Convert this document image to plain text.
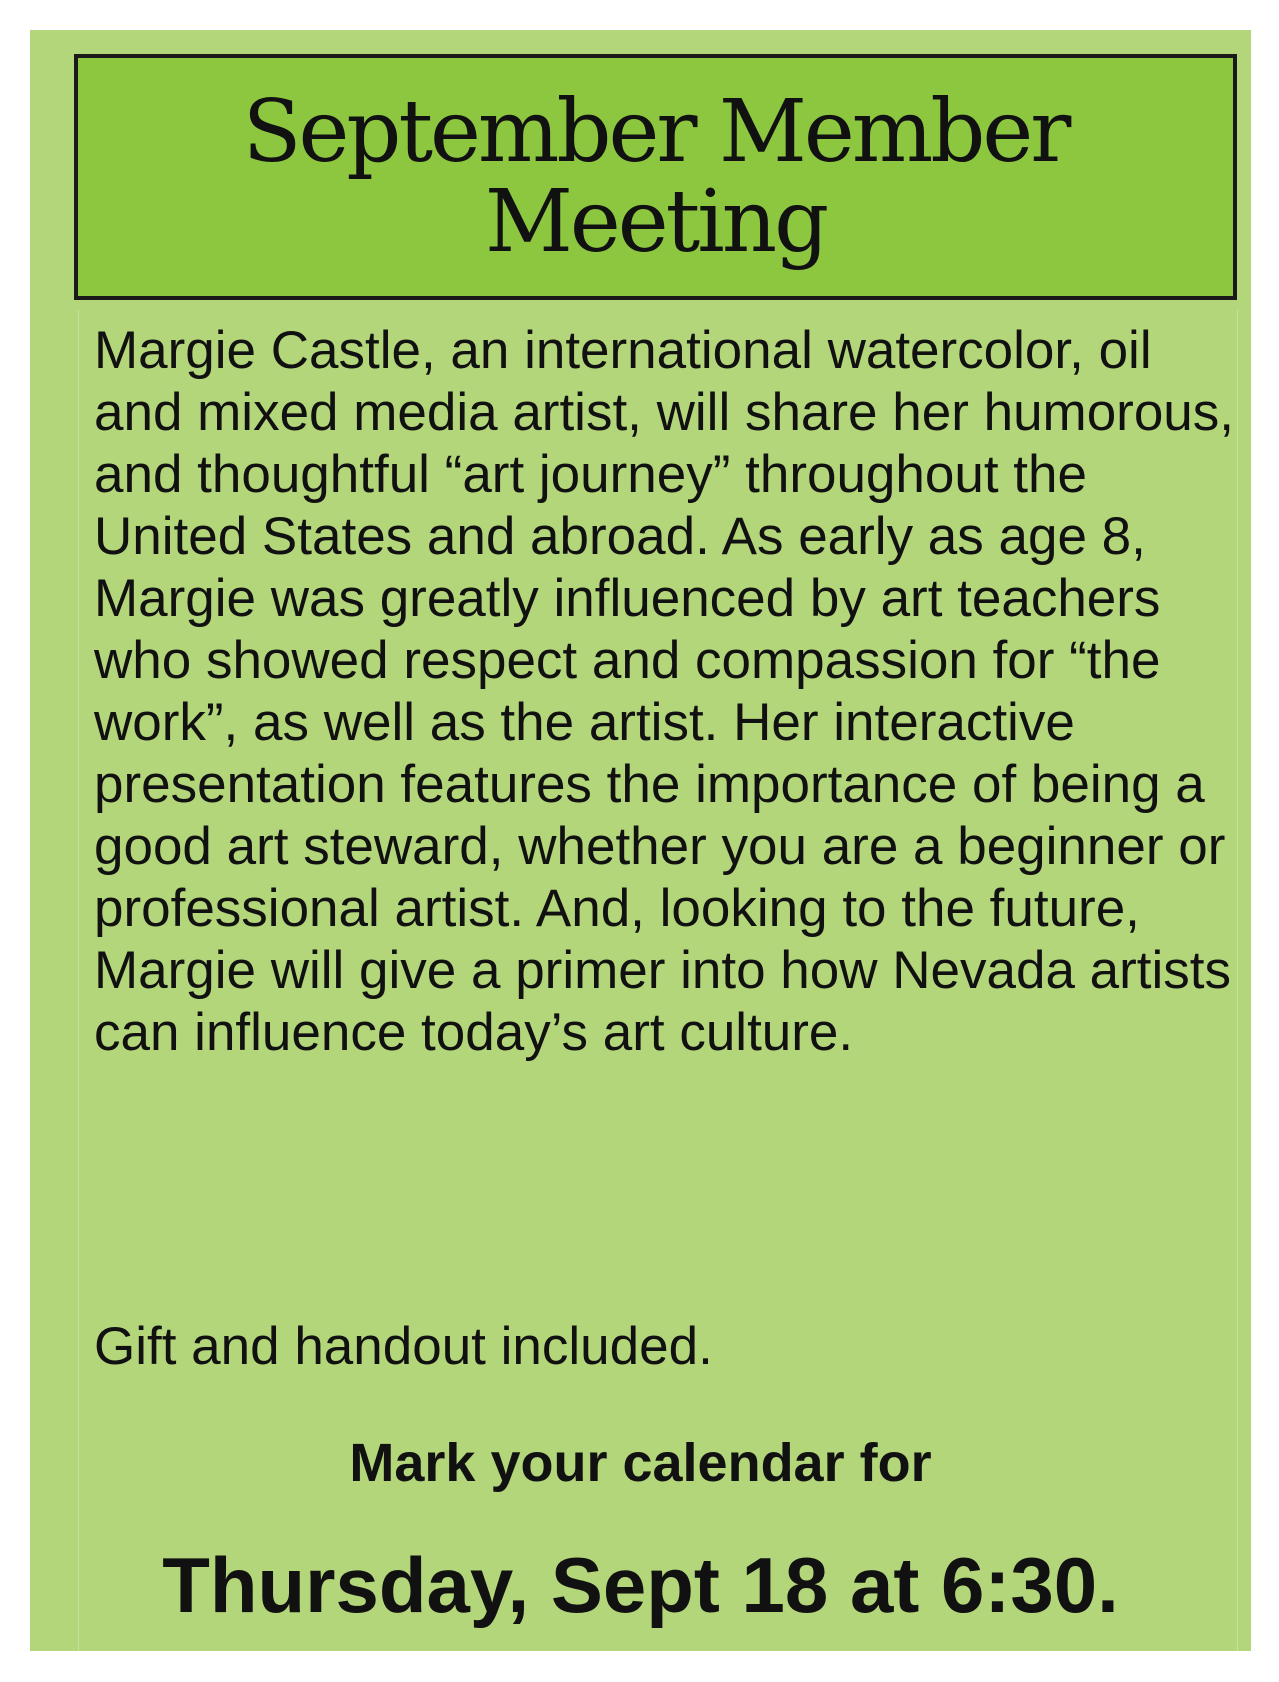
September Member Meeting

Margie Castle, an international watercolor, oil and mixed media artist, will share her humorous, and thoughtful “art journey” throughout the United States and abroad. As early as age 8, Margie was greatly influenced by art teachers who showed respect and compassion for “the work”, as well as the artist. Her interactive presentation features the importance of being a good art steward, whether you are a beginner or professional artist. And, looking to the future, Margie will give a primer into how Nevada artists can influence today’s art culture.

Gift and handout included.

Mark your calendar for

Thursday, Sept 18 at 6:30.
